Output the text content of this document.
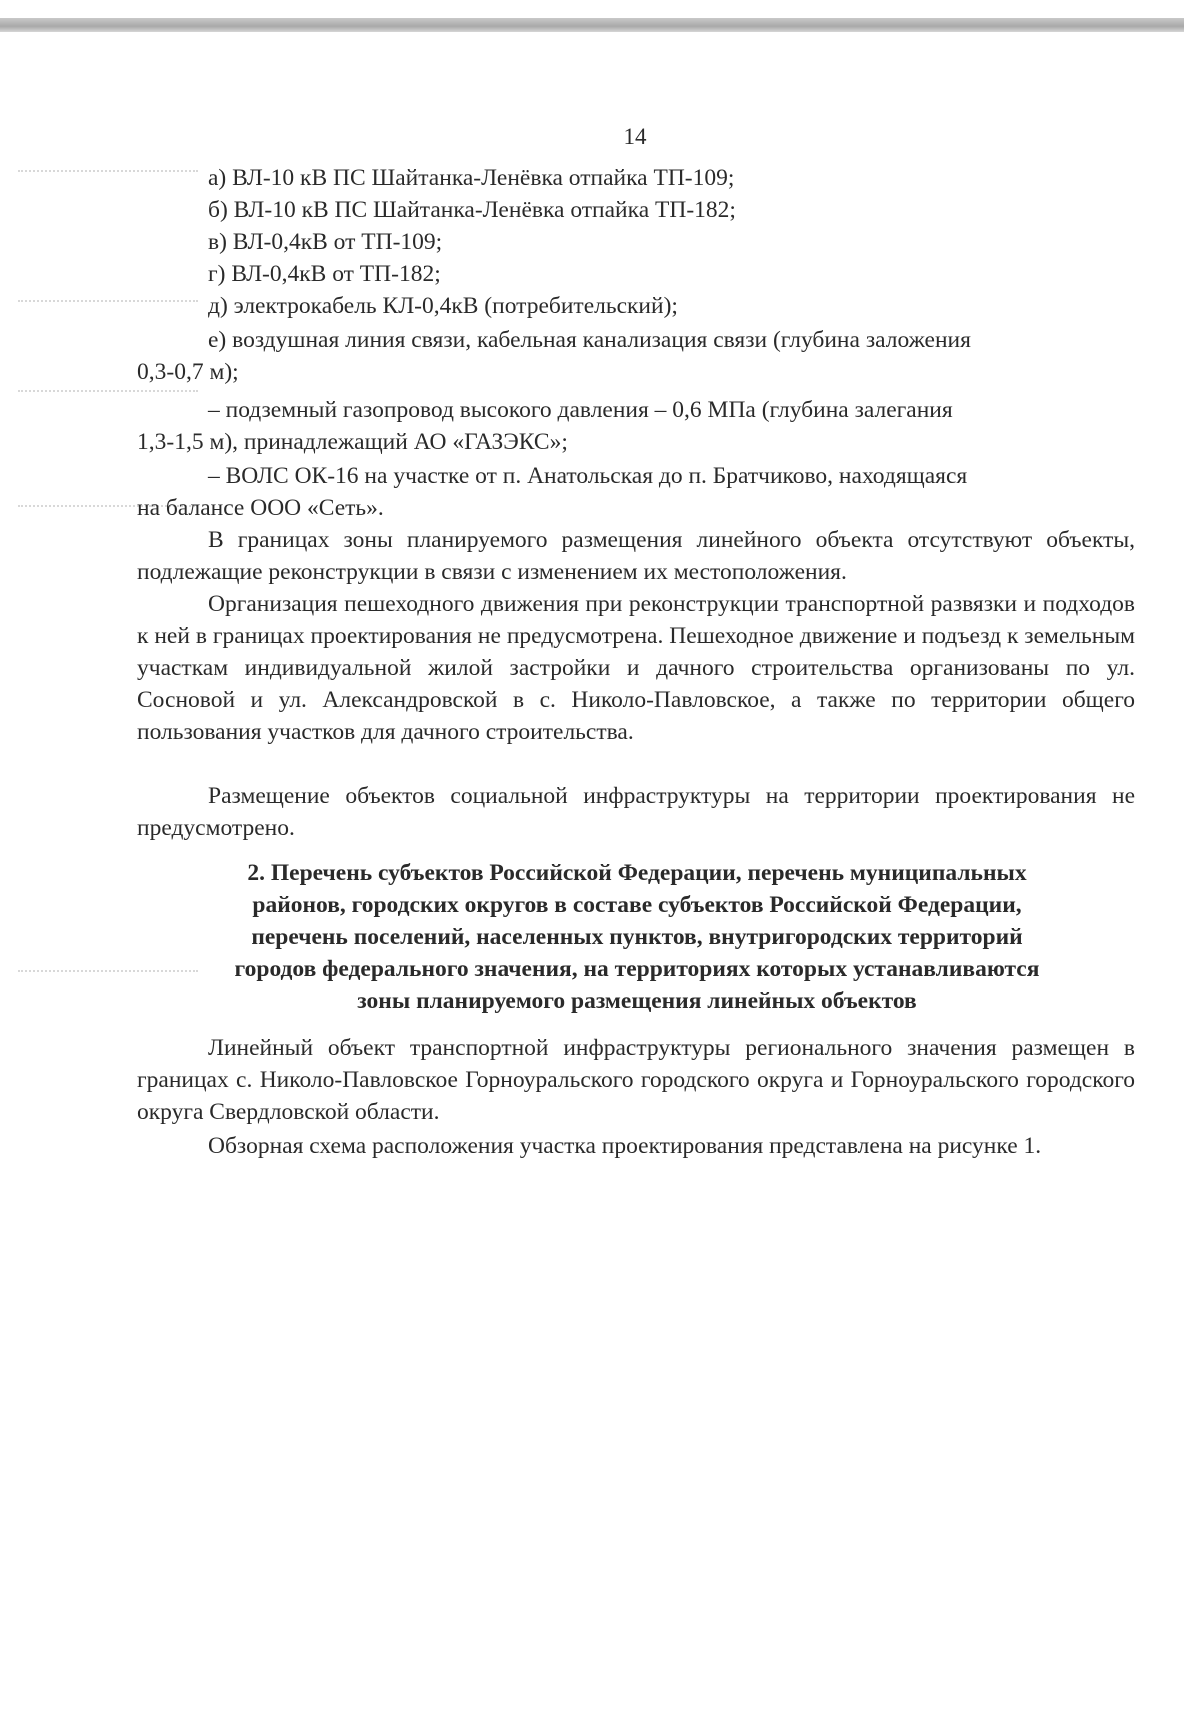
14
а) ВЛ-10 кВ ПС Шайтанка-Ленёвка отпайка ТП-109;
б) ВЛ-10 кВ ПС Шайтанка-Ленёвка отпайка ТП-182;
в) ВЛ-0,4кВ от ТП-109;
г) ВЛ-0,4кВ от ТП-182;
д) электрокабель КЛ-0,4кВ (потребительский);
е) воздушная линия связи, кабельная канализация связи (глубина заложения
0,3-0,7 м);
– подземный газопровод высокого давления – 0,6 МПа (глубина залегания
1,3-1,5 м), принадлежащий АО «ГАЗЭКС»;
– ВОЛС ОК-16 на участке от п. Анатольская до п. Братчиково, находящаяся
на балансе ООО «Сеть».
В границах зоны планируемого размещения линейного объекта отсутствуют объекты, подлежащие реконструкции в связи с изменением их местоположения.
Организация пешеходного движения при реконструкции транспортной развязки и подходов к ней в границах проектирования не предусмотрена. Пешеходное движение и подъезд к земельным участкам индивидуальной жилой застройки и дачного строительства организованы по ул. Сосновой и ул. Александровской в с. Николо-Павловское, а также по территории общего пользования участков для дачного строительства.
Размещение объектов социальной инфраструктуры на территории проектирования не предусмотрено.
2. Перечень субъектов Российской Федерации, перечень муниципальных
районов, городских округов в составе субъектов Российской Федерации,
перечень поселений, населенных пунктов, внутригородских территорий
городов федерального значения, на территориях которых устанавливаются
зоны планируемого размещения линейных объектов
Линейный объект транспортной инфраструктуры регионального значения размещен в границах с. Николо-Павловское Горноуральского городского округа и Горноуральского городского округа Свердловской области.
Обзорная схема расположения участка проектирования представлена на рисунке 1.
